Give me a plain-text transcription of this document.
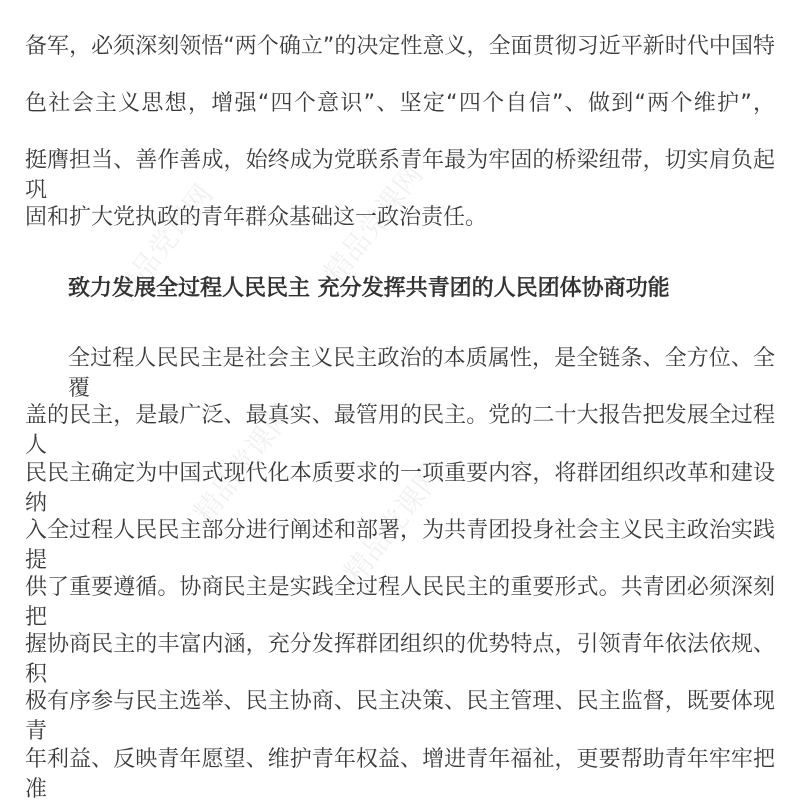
精品党课网	精品党课网
精品党课网	精品党课网
备军，必须深刻领悟“两个确立”的决定性意义，全面贯彻习近平新时代中国特
色社会主义思想，增强“四个意识”、坚定“四个自信”、做到“两个维护”，
挺膺担当、善作善成，始终成为党联系青年最为牢固的桥梁纽带，切实肩负起巩
固和扩大党执政的青年群众基础这一政治责任。
致力发展全过程人民民主 充分发挥共青团的人民团体协商功能
全过程人民民主是社会主义民主政治的本质属性，是全链条、全方位、全覆
盖的民主，是最广泛、最真实、最管用的民主。党的二十大报告把发展全过程人
民民主确定为中国式现代化本质要求的一项重要内容，将群团组织改革和建设纳
入全过程人民民主部分进行阐述和部署，为共青团投身社会主义民主政治实践提
供了重要遵循。协商民主是实践全过程人民民主的重要形式。共青团必须深刻把
握协商民主的丰富内涵，充分发挥群团组织的优势特点，引领青年依法依规、积
极有序参与民主选举、民主协商、民主决策、民主管理、民主监督，既要体现青
年利益、反映青年愿望、维护青年权益、增进青年福祉，更要帮助青年牢牢把准
